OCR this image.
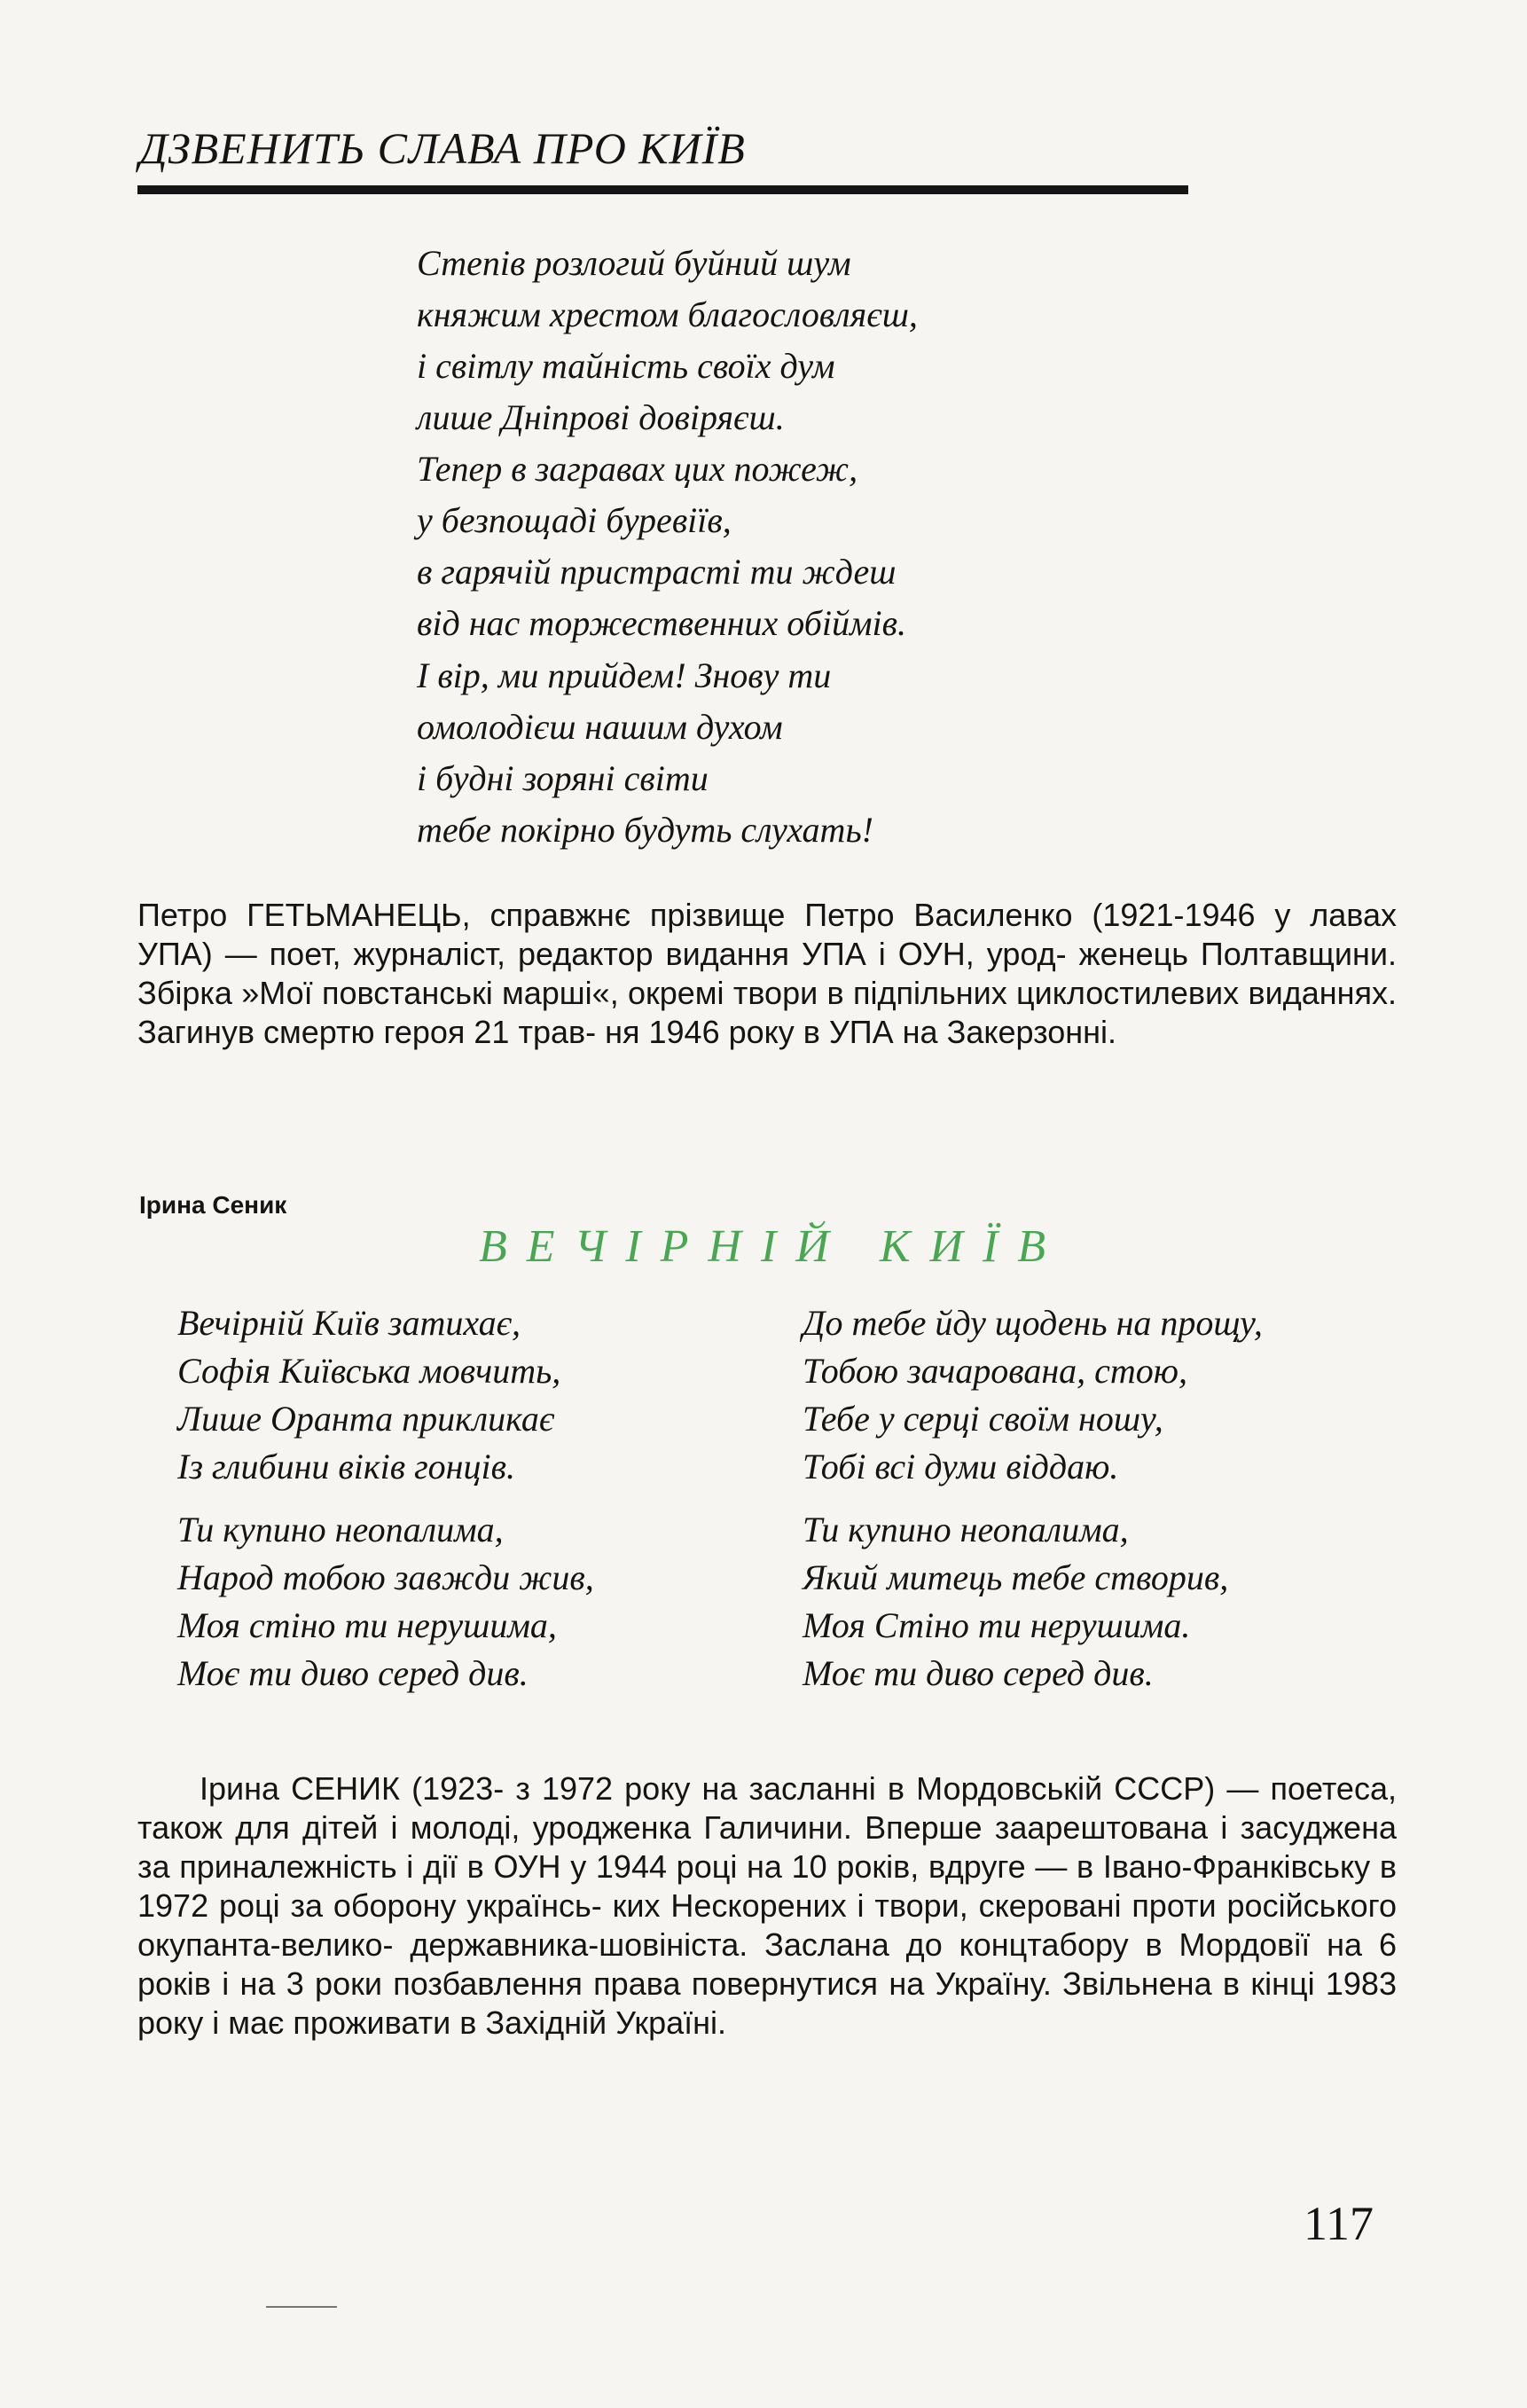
ДЗВЕНИТЬ СЛАВА ПРО КИЇВ
Степів розлогий буйний шум
княжим хрестом благословляєш,
і світлу тайність своїх дум
лише Дніпрові довіряєш.
Тепер в загравах цих пожеж,
у безпощаді буревіїв,
в гарячій пристрасті ти ждеш
від нас торжественних обіймів.
І вір, ми прийдем! Знову ти
омолодієш нашим духом
і будні зоряні світи
тебе покірно будуть слухать!
Петро ГЕТЬМАНЕЦЬ, справжнє прізвище Петро Василенко (1921-1946 у лавах УПА) — поет, журналіст, редактор видання УПА і ОУН, урод- женець Полтавщини. Збірка »Мої повстанські марші«, окремі твори в підпільних циклостилевих виданнях. Загинув смертю героя 21 трав- ня 1946 року в УПА на Закерзонні.
Ірина Сеник
ВЕЧІРНІЙ КИЇВ
Вечірній Київ затихає,
Софія Київська мовчить,
Лише Оранта прикликає
Із глибини віків гонців.
Ти купино неопалима,
Народ тобою завжди жив,
Моя стіно ти нерушима,
Моє ти диво серед див.
До тебе йду щодень на прощу,
Тобою зачарована, стою,
Тебе у серці своїм ношу,
Тобі всі думи віддаю.
Ти купино неопалима,
Який митець тебе створив,
Моя Стіно ти нерушима.
Моє ти диво серед див.
Ірина СЕНИК (1923- з 1972 року на засланні в Мордовській СССР) — поетеса, також для дітей і молоді, уродженка Галичини. Вперше заарештована і засуджена за приналежність і дії в ОУН у 1944 році на 10 років, вдруге — в Івано-Франківську в 1972 році за оборону українсь- ких Нескорених і твори, скеровані проти російського окупанта-велико- державника-шовініста. Заслана до концтабору в Мордовії на 6 років і на 3 роки позбавлення права повернутися на Україну. Звільнена в кінці 1983 року і має проживати в Західній Україні.
117
